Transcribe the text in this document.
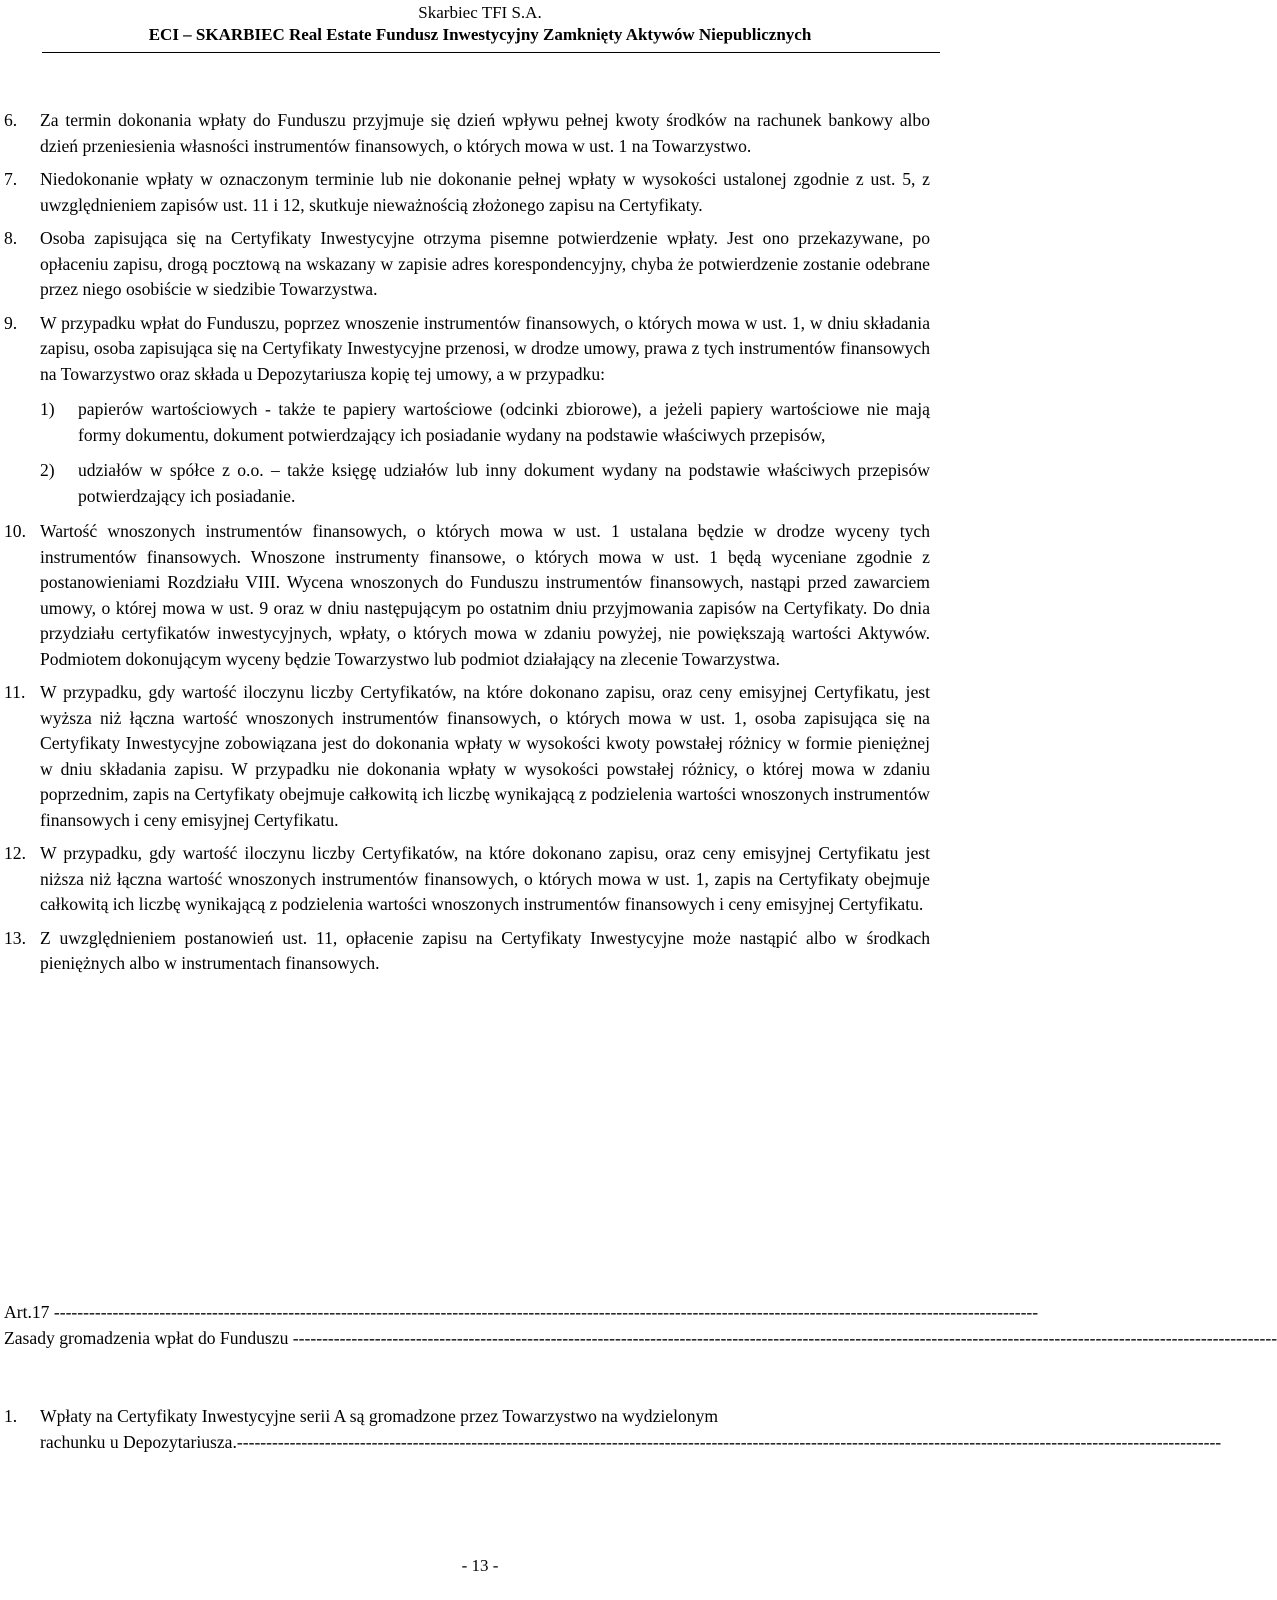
Skarbiec TFI S.A.
ECI – SKARBIEC Real Estate Fundusz Inwestycyjny Zamknięty Aktywów Niepublicznych
6. Za termin dokonania wpłaty do Funduszu przyjmuje się dzień wpływu pełnej kwoty środków na rachunek bankowy albo dzień przeniesienia własności instrumentów finansowych, o których mowa w ust. 1 na Towarzystwo.
7. Niedokonanie wpłaty w oznaczonym terminie lub nie dokonanie pełnej wpłaty w wysokości ustalonej zgodnie z ust. 5, z uwzględnieniem zapisów ust. 11 i 12, skutkuje nieważnością złożonego zapisu na Certyfikaty.
8. Osoba zapisująca się na Certyfikaty Inwestycyjne otrzyma pisemne potwierdzenie wpłaty. Jest ono przekazywane, po opłaceniu zapisu, drogą pocztową na wskazany w zapisie adres korespondencyjny, chyba że potwierdzenie zostanie odebrane przez niego osobiście w siedzibie Towarzystwa.
9. W przypadku wpłat do Funduszu, poprzez wnoszenie instrumentów finansowych, o których mowa w ust. 1, w dniu składania zapisu, osoba zapisująca się na Certyfikaty Inwestycyjne przenosi, w drodze umowy, prawa z tych instrumentów finansowych na Towarzystwo oraz składa u Depozytariusza kopię tej umowy, a w przypadku:
1) papierów wartościowych - także te papiery wartościowe (odcinki zbiorowe), a jeżeli papiery wartościowe nie mają formy dokumentu, dokument potwierdzający ich posiadanie wydany na podstawie właściwych przepisów,
2) udziałów w spółce z o.o. – także księgę udziałów lub inny dokument wydany na podstawie właściwych przepisów potwierdzający ich posiadanie.
10. Wartość wnoszonych instrumentów finansowych, o których mowa w ust. 1 ustalana będzie w drodze wyceny tych instrumentów finansowych. Wnoszone instrumenty finansowe, o których mowa w ust. 1 będą wyceniane zgodnie z postanowieniami Rozdziału VIII. Wycena wnoszonych do Funduszu instrumentów finansowych, nastąpi przed zawarciem umowy, o której mowa w ust. 9 oraz w dniu następującym po ostatnim dniu przyjmowania zapisów na Certyfikaty. Do dnia przydziału certyfikatów inwestycyjnych, wpłaty, o których mowa w zdaniu powyżej, nie powiększają wartości Aktywów. Podmiotem dokonującym wyceny będzie Towarzystwo lub podmiot działający na zlecenie Towarzystwa.
11. W przypadku, gdy wartość iloczynu liczby Certyfikatów, na które dokonano zapisu, oraz ceny emisyjnej Certyfikatu, jest wyższa niż łączna wartość wnoszonych instrumentów finansowych, o których mowa w ust. 1, osoba zapisująca się na Certyfikaty Inwestycyjne zobowiązana jest do dokonania wpłaty w wysokości kwoty powstałej różnicy w formie pieniężnej w dniu składania zapisu. W przypadku nie dokonania wpłaty w wysokości powstałej różnicy, o której mowa w zdaniu poprzednim, zapis na Certyfikaty obejmuje całkowitą ich liczbę wynikającą z podzielenia wartości wnoszonych instrumentów finansowych i ceny emisyjnej Certyfikatu.
12. W przypadku, gdy wartość iloczynu liczby Certyfikatów, na które dokonano zapisu, oraz ceny emisyjnej Certyfikatu jest niższa niż łączna wartość wnoszonych instrumentów finansowych, o których mowa w ust. 1, zapis na Certyfikaty obejmuje całkowitą ich liczbę wynikającą z podzielenia wartości wnoszonych instrumentów finansowych i ceny emisyjnej Certyfikatu.
13. Z uwzględnieniem postanowień ust. 11, opłacenie zapisu na Certyfikaty Inwestycyjne może nastąpić albo w środkach pieniężnych albo w instrumentach finansowych.
Art.17 ------------------------------------------------------------------------------------------------------------------------------------------------------------------------
Zasady gromadzenia wpłat do Funduszu ------------------------------------------------------------------------------------------------------------------------------------------------------------------------
1. Wpłaty na Certyfikaty Inwestycyjne serii A są gromadzone przez Towarzystwo na wydzielonym
rachunku u Depozytariusza.------------------------------------------------------------------------------------------------------------------------------------------------------------------------
- 13 -
